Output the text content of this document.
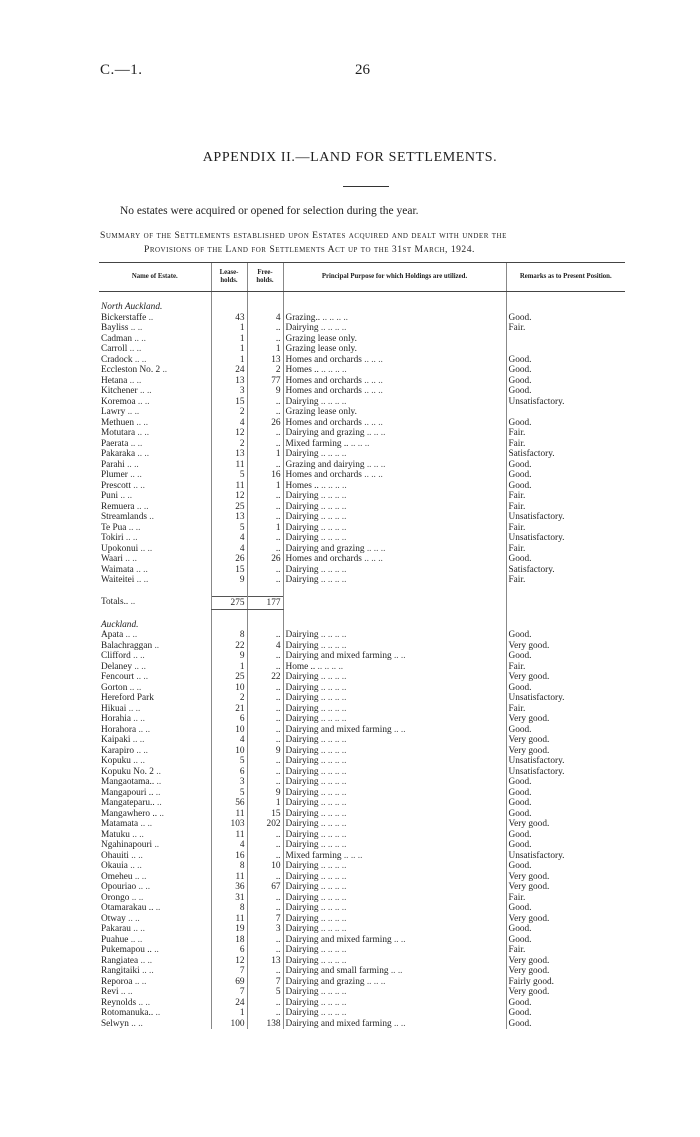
C.—1.	26
APPENDIX II.—LAND FOR SETTLEMENTS.
No estates were acquired or opened for selection during the year.
Summary of the Settlements established upon Estates acquired and dealt with under the
Provisions of the Land for Settlements Act up to the 31st March, 1924.
Name of Estate.	Lease-holds.	Free-holds.	Principal Purpose for which Holdings are utilized.	Remarks as to Present Position.

North Auckland.				
Bickerstaffe ..	43	4	Grazing.. .. .. .. ..	Good.
Bayliss .. ..	1	..	Dairying .. .. .. ..	Fair.
Cadman .. ..	1	..	Grazing lease only.	
Carroll .. ..	1	1	Grazing lease only.	
Cradock .. ..	1	13	Homes and orchards .. .. ..	Good.
Eccleston No. 2 ..	24	2	Homes .. .. .. .. ..	Good.
Hetana .. ..	13	77	Homes and orchards .. .. ..	Good.
Kitchener .. ..	3	9	Homes and orchards .. .. ..	Good.
Koremoa .. ..	15	..	Dairying .. .. .. ..	Unsatisfactory.
Lawry .. ..	2	..	Grazing lease only.	
Methuen .. ..	4	26	Homes and orchards .. .. ..	Good.
Motutara .. ..	12	..	Dairying and grazing .. .. ..	Fair.
Paerata .. ..	2	..	Mixed farming .. .. .. ..	Fair.
Pakaraka .. ..	13	1	Dairying .. .. .. ..	Satisfactory.
Parahi .. ..	11	..	Grazing and dairying .. .. ..	Good.
Plumer .. ..	5	16	Homes and orchards .. .. ..	Good.
Prescott .. ..	11	1	Homes .. .. .. .. ..	Good.
Puni .. ..	12	..	Dairying .. .. .. ..	Fair.
Remuera .. ..	25	..	Dairying .. .. .. ..	Fair.
Streamlands ..	13	..	Dairying .. .. .. ..	Unsatisfactory.
Te Pua .. ..	5	1	Dairying .. .. .. ..	Fair.
Tokiri .. ..	4	..	Dairying .. .. .. ..	Unsatisfactory.
Upokonui .. ..	4	..	Dairying and grazing .. .. ..	Fair.
Waari .. ..	26	26	Homes and orchards .. .. ..	Good.
Waimata .. ..	15	..	Dairying .. .. .. ..	Satisfactory.
Waiteitei .. ..	9	..	Dairying .. .. .. ..	Fair.

Totals.. ..	275	177		

Auckland.				
Apata .. ..	8	..	Dairying .. .. .. ..	Good.
Balachraggan ..	22	4	Dairying .. .. .. ..	Very good.
Clifford .. ..	9	..	Dairying and mixed farming .. ..	Good.
Delaney .. ..	1	..	Home .. .. .. .. ..	Fair.
Fencourt .. ..	25	22	Dairying .. .. .. ..	Very good.
Gorton .. ..	10	..	Dairying .. .. .. ..	Good.
Hereford Park	2	..	Dairying .. .. .. ..	Unsatisfactory.
Hikuai .. ..	21	..	Dairying .. .. .. ..	Fair.
Horahia .. ..	6	..	Dairying .. .. .. ..	Very good.
Horahora .. ..	10	..	Dairying and mixed farming .. ..	Good.
Kaipaki .. ..	4	..	Dairying .. .. .. ..	Very good.
Karapiro .. ..	10	9	Dairying .. .. .. ..	Very good.
Kopuku .. ..	5	..	Dairying .. .. .. ..	Unsatisfactory.
Kopuku No. 2 ..	6	..	Dairying .. .. .. ..	Unsatisfactory.
Mangaotama.. ..	3	..	Dairying .. .. .. ..	Good.
Mangapouri .. ..	5	9	Dairying .. .. .. ..	Good.
Mangateparu.. ..	56	1	Dairying .. .. .. ..	Good.
Mangawhero .. ..	11	15	Dairying .. .. .. ..	Good.
Matamata .. ..	103	202	Dairying .. .. .. ..	Very good.
Matuku .. ..	11	..	Dairying .. .. .. ..	Good.
Ngahinapouri ..	4	..	Dairying .. .. .. ..	Good.
Ohauiti .. ..	16	..	Mixed farming .. .. ..	Unsatisfactory.
Okauia .. ..	8	10	Dairying .. .. .. ..	Good.
Omeheu .. ..	11	..	Dairying .. .. .. ..	Very good.
Opouriao .. ..	36	67	Dairying .. .. .. ..	Very good.
Orongo .. ..	31	..	Dairying .. .. .. ..	Fair.
Otamarakau .. ..	8	..	Dairying .. .. .. ..	Good.
Otway .. ..	11	7	Dairying .. .. .. ..	Very good.
Pakarau .. ..	19	3	Dairying .. .. .. ..	Good.
Puahue .. ..	18	..	Dairying and mixed farming .. ..	Good.
Pukemapou .. ..	6	..	Dairying .. .. .. ..	Fair.
Rangiatea .. ..	12	13	Dairying .. .. .. ..	Very good.
Rangitaiki .. ..	7	..	Dairying and small farming .. ..	Very good.
Reporoa .. ..	69	7	Dairying and grazing .. .. ..	Fairly good.
Revi .. ..	7	5	Dairying .. .. .. ..	Very good.
Reynolds .. ..	24	..	Dairying .. .. .. ..	Good.
Rotomanuka.. ..	1	..	Dairying .. .. .. ..	Good.
Selwyn .. ..	100	138	Dairying and mixed farming .. ..	Good.
